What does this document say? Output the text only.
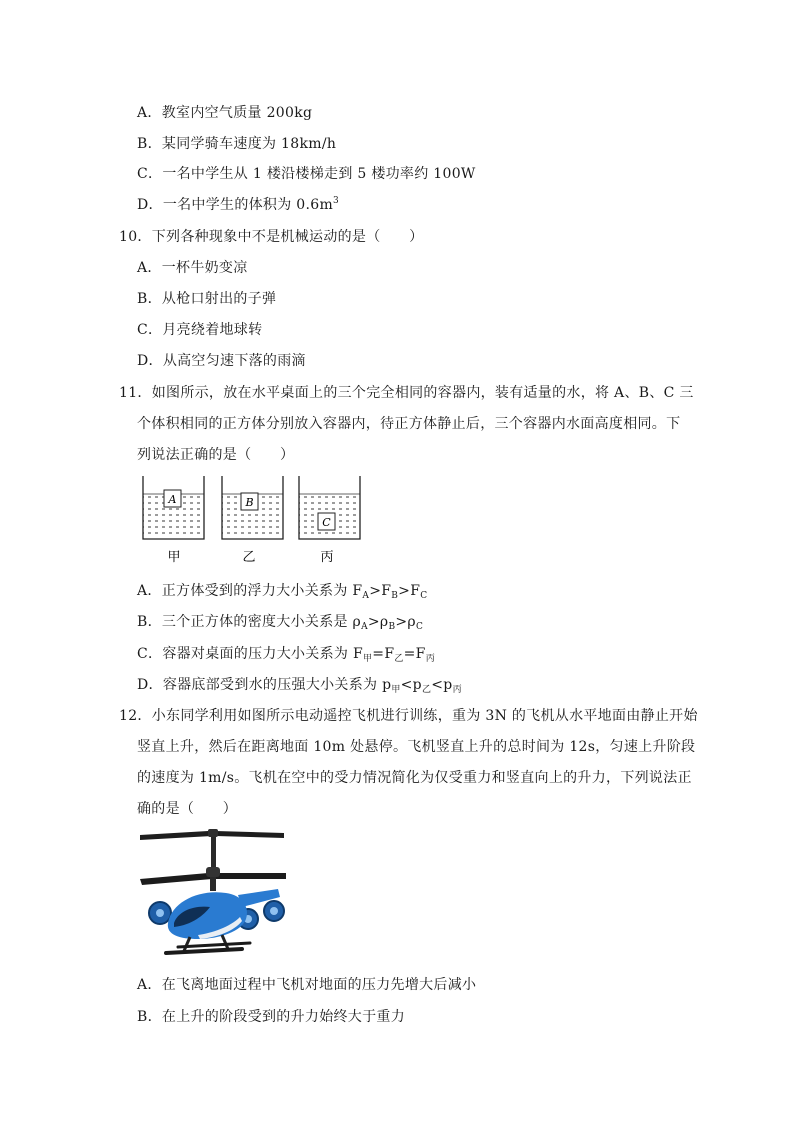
A．教室内空气质量 200kg
B．某同学骑车速度为 18km/h
C．一名中学生从 1 楼沿楼梯走到 5 楼功率约 100W
D．一名中学生的体积为 $0.6m^3$
10．下列各种现象中不是机械运动的是（　　）
A．一杯牛奶变凉
B．从枪口射出的子弹
C．月亮绕着地球转
D．从高空匀速下落的雨滴
11．如图所示，放在水平桌面上的三个完全相同的容器内，装有适量的水，将 A、B、C 三
个体积相同的正方体分别放入容器内，待正方体静止后，三个容器内水面高度相同。下
列说法正确的是（　　）
A
甲
B
乙
C
丙
A．正方体受到的浮力大小关系为 $F_A>F_B>F_C$
B．三个正方体的密度大小关系是 $\rho_A>\rho_B>\rho_C$
C．容器对桌面的压力大小关系为 $F_甲=F_乙=F_丙$
D．容器底部受到水的压强大小关系为 $p_甲<p_乙<p_丙$
12．小东同学利用如图所示电动遥控飞机进行训练，重为 3N 的飞机从水平地面由静止开始
竖直上升，然后在距离地面 10m 处悬停。飞机竖直上升的总时间为 12s，匀速上升阶段
的速度为 1m/s。飞机在空中的受力情况简化为仅受重力和竖直向上的升力，下列说法正
确的是（　　）
A．在飞离地面过程中飞机对地面的压力先增大后减小
B．在上升的阶段受到的升力始终大于重力
